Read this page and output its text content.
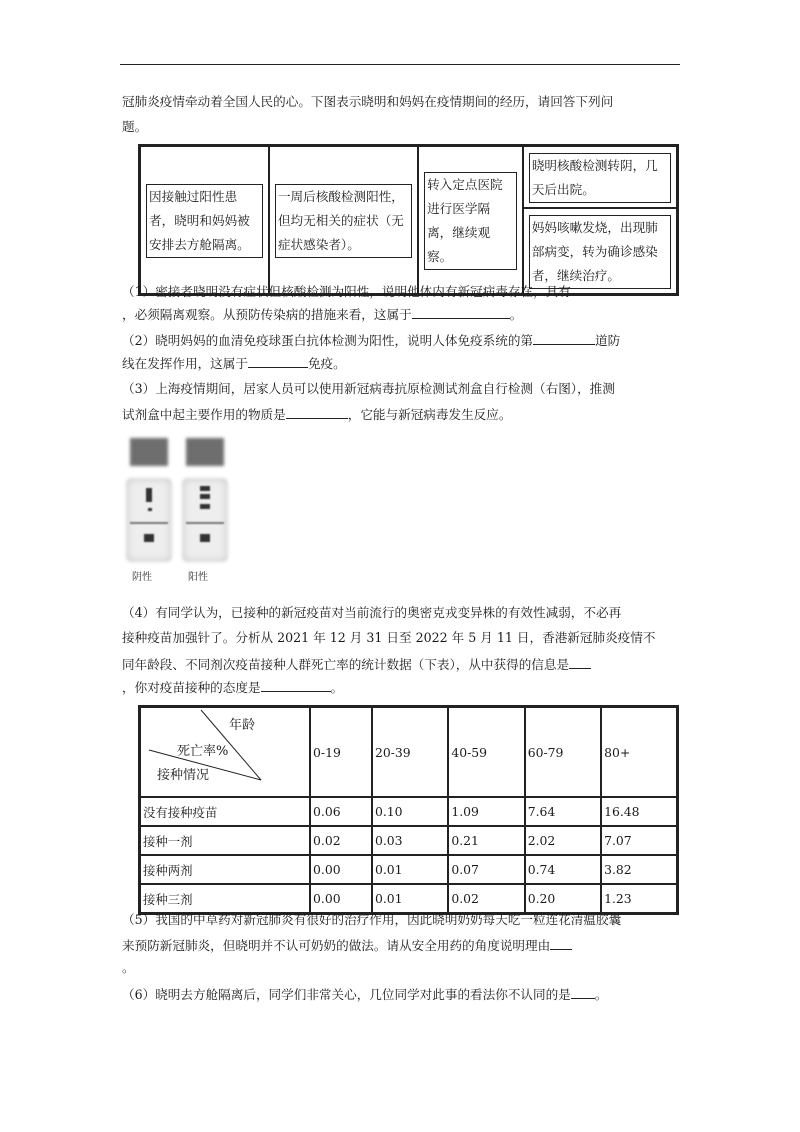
冠肺炎疫情牵动着全国人民的心。下图表示晓明和妈妈在疫情期间的经历，请回答下列问
题。
因接触过阳性患者，晓明和妈妈被安排去方舱隔离。

一周后核酸检测阳性，但均无相关的症状（无症状感染者）。

转入定点医院进行医学隔离，继续观察。

晓明核酸检测转阴，几天后出院。

妈妈咳嗽发烧，出现肺部病变，转为确诊感染者，继续治疗。
（1）密接者晓明没有症状但核酸检测为阳性，说明他体内有新冠病毒存在，具有
，必须隔离观察。从预防传染病的措施来看，这属于	。
（2）晓明妈妈的血清免疫球蛋白抗体检测为阳性，说明人体免疫系统的第	道防
线在发挥作用，这属于	免疫。
（3）上海疫情期间，居家人员可以使用新冠病毒抗原检测试剂盒自行检测（右图），推测
试剂盒中起主要作用的物质是	，它能与新冠病毒发生反应。
阴性	阳性
（4）有同学认为，已接种的新冠疫苗对当前流行的奥密克戎变异株的有效性减弱，不必再
接种疫苗加强针了。分析从 2021 年 12 月 31 日至 2022 年 5 月 11 日，香港新冠肺炎疫情不
同年龄段、不同剂次疫苗接种人群死亡率的统计数据（下表），从中获得的信息是
，你对疫苗接种的态度是	。
年龄
死亡率%
接种情况	0-19	20-39	40-59	60-79	80+
没有接种疫苗	0.06	0.10	1.09	7.64	16.48
接种一剂	0.02	0.03	0.21	2.02	7.07
接种两剂	0.00	0.01	0.07	0.74	3.82
接种三剂	0.00	0.01	0.02	0.20	1.23
（5）我国的中草药对新冠肺炎有很好的治疗作用，因此晓明奶奶每天吃一粒连花清瘟胶囊
来预防新冠肺炎，但晓明并不认可奶奶的做法。请从安全用药的角度说明理由
。
（6）晓明去方舱隔离后，同学们非常关心，几位同学对此事的看法你不认同的是 。
